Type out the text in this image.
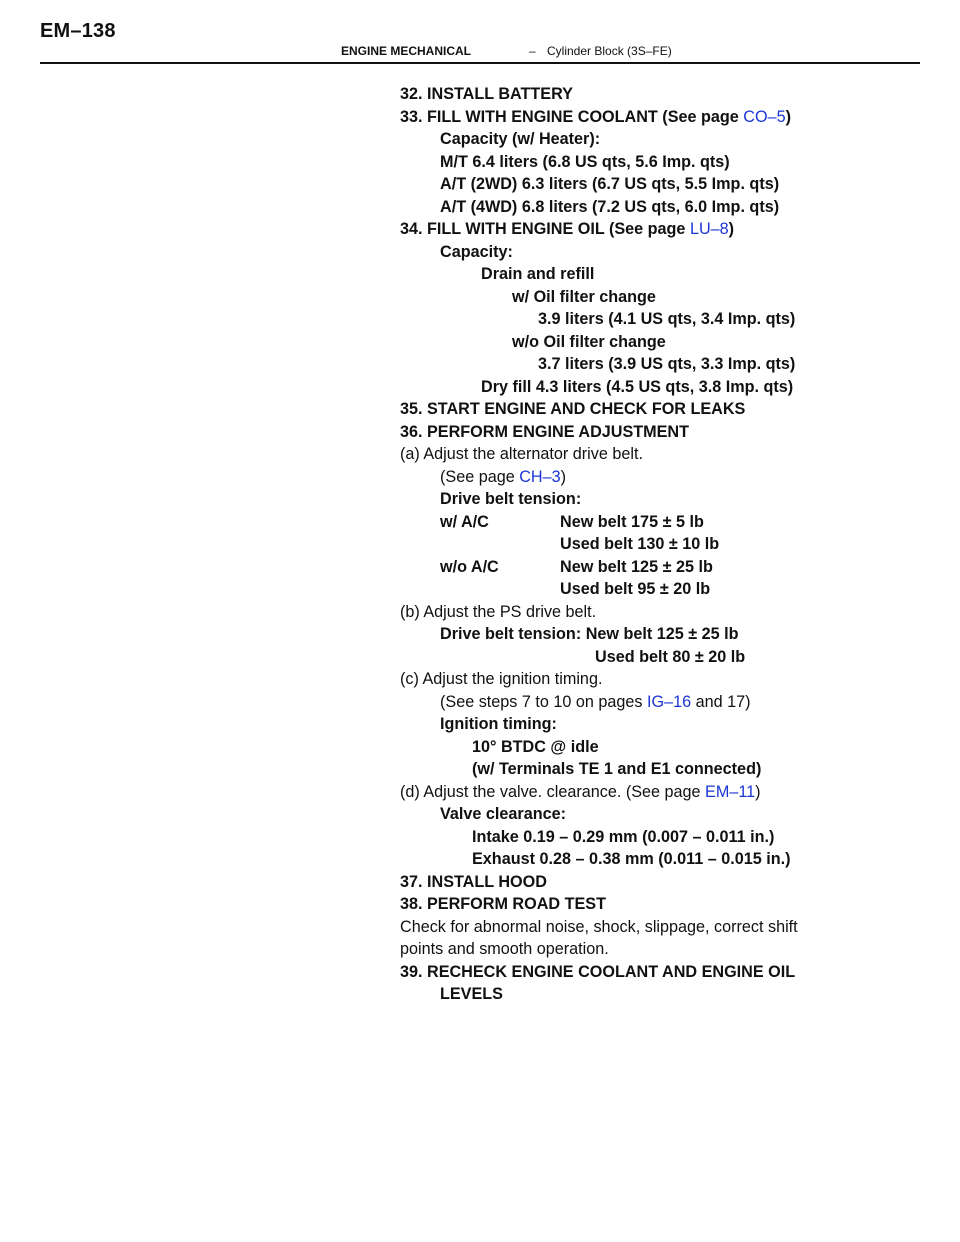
EM–138
ENGINE MECHANICAL	– Cylinder Block (3S–FE)
32. INSTALL BATTERY
33. FILL WITH ENGINE COOLANT (See page CO–5)
Capacity (w/ Heater):
M/T 6.4 liters (6.8 US qts, 5.6 Imp. qts)
A/T (2WD) 6.3 liters (6.7 US qts, 5.5 Imp. qts)
A/T (4WD) 6.8 liters (7.2 US qts, 6.0 Imp. qts)
34. FILL WITH ENGINE OIL (See page LU–8)
Capacity:
Drain and refill
w/ Oil filter change
3.9 liters (4.1 US qts, 3.4 Imp. qts)
w/o Oil filter change
3.7 liters (3.9 US qts, 3.3 Imp. qts)
Dry fill 4.3 liters (4.5 US qts, 3.8 Imp. qts)
35. START ENGINE AND CHECK FOR LEAKS
36. PERFORM ENGINE ADJUSTMENT
(a) Adjust the alternator drive belt.
(See page CH–3)
Drive belt tension:
w/ A/C	New belt 175 ± 5 lb
Used belt 130 ± 10 lb
w/o A/C	New belt 125 ± 25 lb
Used belt 95 ± 20 lb
(b) Adjust the PS drive belt.
Drive belt tension: New belt 125 ± 25 lb
Used belt 80 ± 20 lb
(c) Adjust the ignition timing.
(See steps 7 to 10 on pages IG–16 and 17)
Ignition timing:
10° BTDC @ idle
(w/ Terminals TE 1 and E1 connected)
(d) Adjust the valve. clearance. (See page EM–11)
Valve clearance:
Intake 0.19 – 0.29 mm (0.007 – 0.011 in.)
Exhaust 0.28 – 0.38 mm (0.011 – 0.015 in.)
37. INSTALL HOOD
38. PERFORM ROAD TEST
Check for abnormal noise, shock, slippage, correct shift
points and smooth operation.
39. RECHECK ENGINE COOLANT AND ENGINE OIL
LEVELS
